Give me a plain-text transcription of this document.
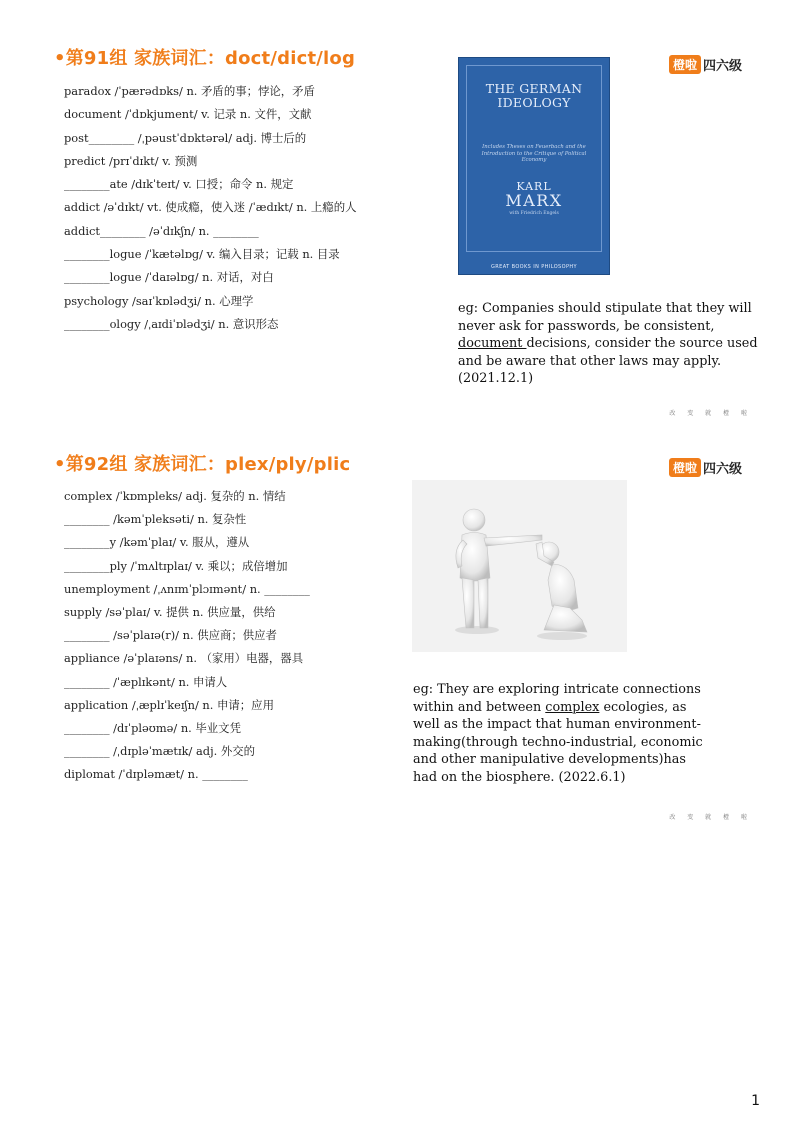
•第91组 家族词汇：doct/dict/log	橙啦 四六级
paradox /ˈpærədɒks/ n. 矛盾的事；悖论，矛盾
document /ˈdɒkjument/ v. 记录 n. 文件，文献
post________ /ˌpəustˈdɒktərəl/ adj. 博士后的
predict /prɪˈdɪkt/ v. 预测
________ate /dɪkˈteɪt/ v. 口授；命令 n. 规定
addict /əˈdɪkt/ vt. 使成瘾，使入迷 /ˈædɪkt/ n. 上瘾的人
addict________ /əˈdɪkʃn/ n. ________
________logue /ˈkætəlɒg/ v. 编入目录；记载 n. 目录
________logue /ˈdaɪəlɒg/ n. 对话，对白
psychology /saɪˈkɒlədʒi/ n. 心理学
________ology /ˌaɪdiˈɒlədʒi/ n. 意识形态
THE GERMAN
IDEOLOGY
Includes Theses on Feuerbach and the Introduction to the Critique of Political Economy
KARL
MARX
with Friedrich Engels
GREAT BOOKS IN PHILOSOPHY
eg: Companies should stipulate that they will never ask for passwords, be consistent, document decisions, consider the source used and be aware that other laws may apply. (2021.12.1)
改 变 就 橙 啦
•第92组 家族词汇：plex/ply/plic	橙啦 四六级
complex /ˈkɒmpleks/ adj. 复杂的 n. 情结
________ /kəmˈpleksəti/ n. 复杂性
________y /kəmˈplaɪ/ v. 服从，遵从
________ply /ˈmʌltɪplaɪ/ v. 乘以；成倍增加
unemployment /ˌʌnɪmˈplɔɪmənt/ n. ________
supply /səˈplaɪ/ v. 提供 n. 供应量，供给
________ /səˈplaɪə(r)/ n. 供应商；供应者
appliance /əˈplaɪəns/ n. （家用）电器，器具
________ /ˈæplɪkənt/ n. 申请人
application /ˌæplɪˈkeɪʃn/ n. 申请；应用
________ /dɪˈpləʊmə/ n. 毕业文凭
________ /ˌdɪpləˈmætɪk/ adj. 外交的
diplomat /ˈdɪpləmæt/ n. ________
eg: They are exploring intricate connections within and between complex ecologies, as well as the impact that human environment-making(through techno-industrial, economic and other manipulative developments)has had on the biosphere. (2022.6.1)
改 变 就 橙 啦
1
